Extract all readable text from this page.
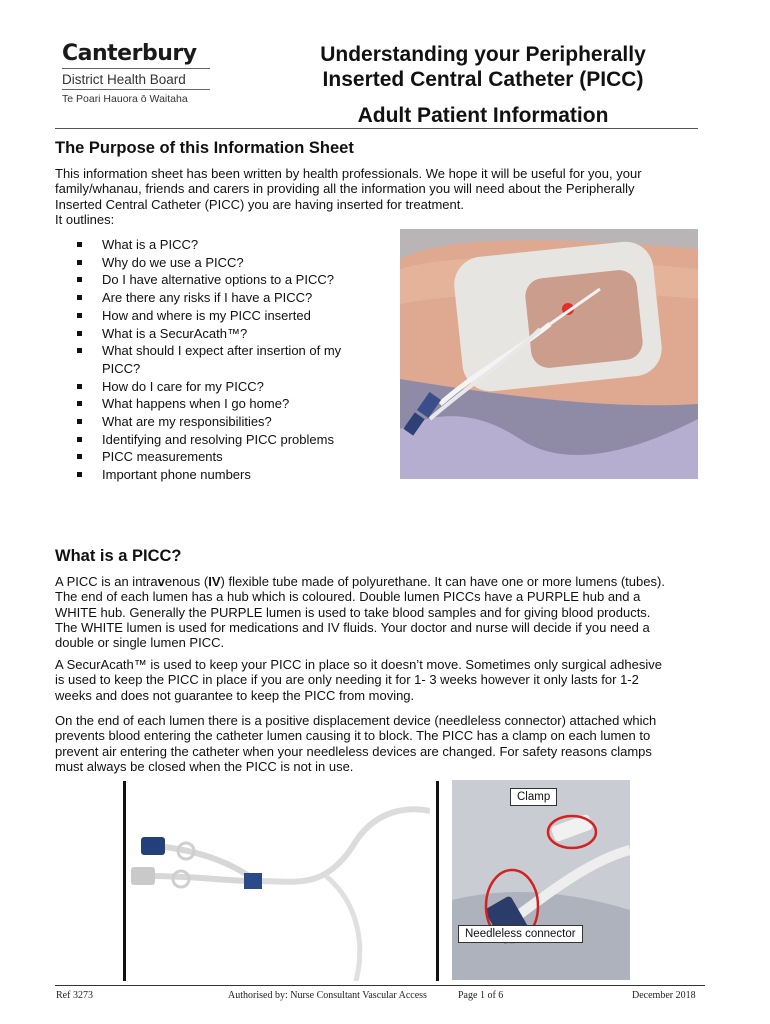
Canterbury
District Health Board
Te Poari Hauora ō Waitaha
Understanding your Peripherally
Inserted Central Catheter (PICC)
Adult Patient Information
The Purpose of this Information Sheet
This information sheet has been written by health professionals. We hope it will be useful for you, your
family/whanau, friends and carers in providing all the information you will need about the Peripherally
Inserted Central Catheter (PICC) you are having inserted for treatment.
It outlines:
What is a PICC?
Why do we use a PICC?
Do I have alternative options to a PICC?
Are there any risks if I have a PICC?
How and where is my PICC inserted
What is a SecurAcath™?
What should I expect after insertion of my
PICC?
How do I care for my PICC?
What happens when I go home?
What are my responsibilities?
Identifying and resolving PICC problems
PICC measurements
Important phone numbers
What is a PICC?
A PICC is an intravenous (IV) flexible tube made of polyurethane. It can have one or more lumens (tubes).
The end of each lumen has a hub which is coloured. Double lumen PICCs have a PURPLE hub and a
WHITE hub. Generally the PURPLE lumen is used to take blood samples and for giving blood products.
The WHITE lumen is used for medications and IV fluids. Your doctor and nurse will decide if you need a
double or single lumen PICC.
A SecurAcath™ is used to keep your PICC in place so it doesn’t move. Sometimes only surgical adhesive
is used to keep the PICC in place if you are only needing it for 1- 3 weeks however it only lasts for 1-2
weeks and does not guarantee to keep the PICC from moving.
On the end of each lumen there is a positive displacement device (needleless connector) attached which
prevents blood entering the catheter lumen causing it to block. The PICC has a clamp on each lumen to
prevent air entering the catheter when your needleless devices are changed. For safety reasons clamps
must always be closed when the PICC is not in use.
Clamp
Needleless connector
Ref 3273	Authorised by: Nurse Consultant Vascular Access	Page 1 of 6	December 2018
